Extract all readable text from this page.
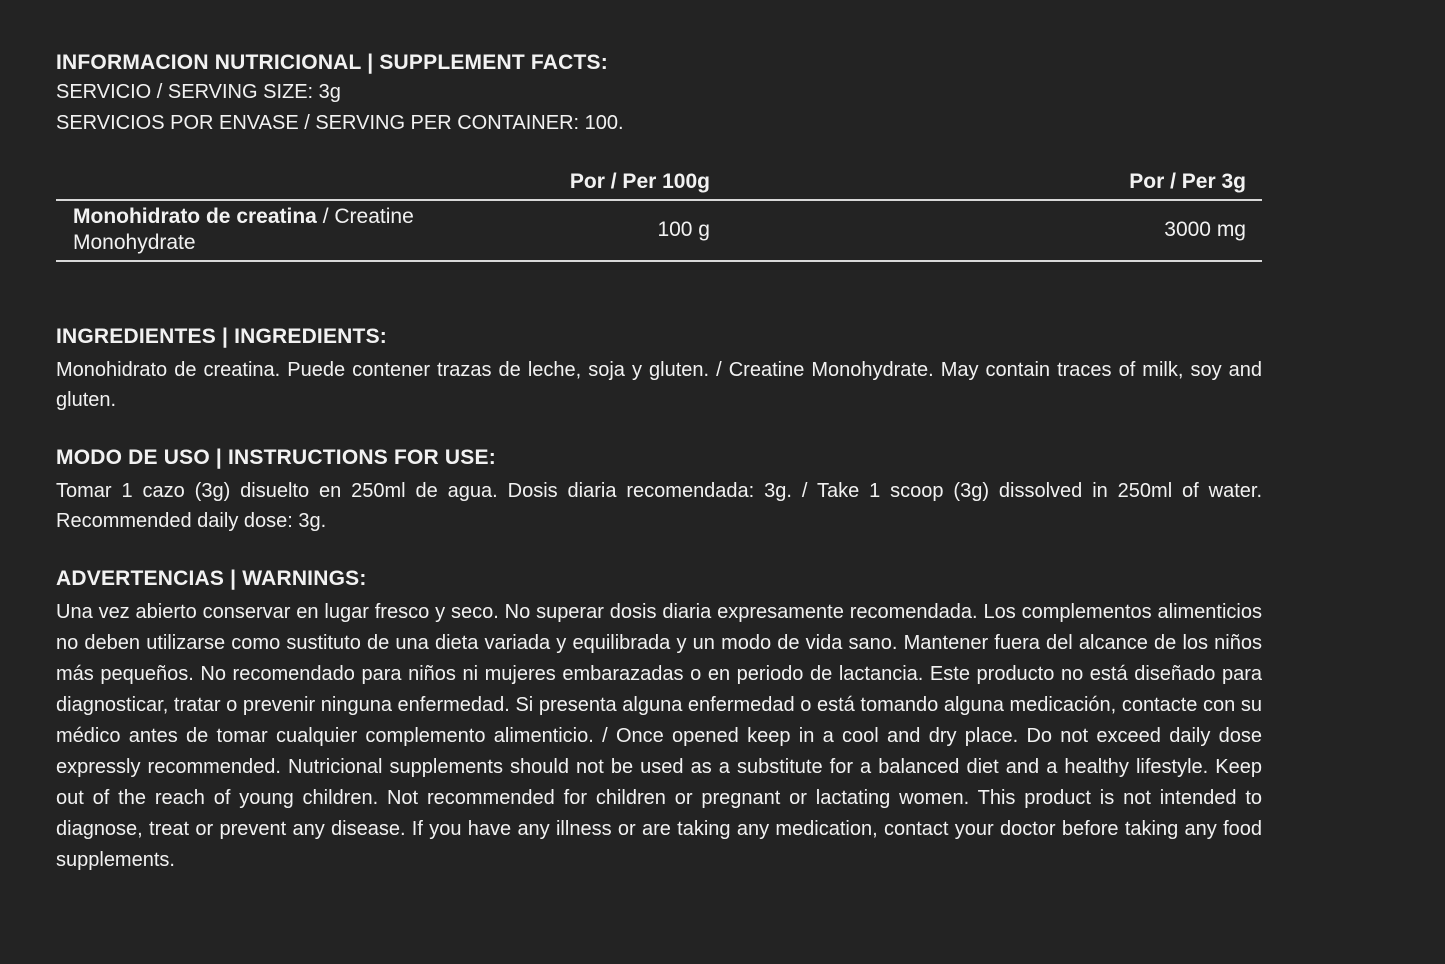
INFORMACION NUTRICIONAL | SUPPLEMENT FACTS:

SERVICIO / SERVING SIZE: 3g

SERVICIOS POR ENVASE / SERVING PER CONTAINER: 100.

	Por / Per 100g	Por / Per 3g
Monohidrato de creatina / Creatine Monohydrate	100 g	3000 mg

INGREDIENTES | INGREDIENTS:

Monohidrato de creatina. Puede contener trazas de leche, soja y gluten. / Creatine Monohydrate. May contain traces of milk, soy and gluten.

MODO DE USO | INSTRUCTIONS FOR USE:

Tomar 1 cazo (3g) disuelto en 250ml de agua. Dosis diaria recomendada: 3g. / Take 1 scoop (3g) dissolved in 250ml of water. Recommended daily dose: 3g.

ADVERTENCIAS | WARNINGS:

Una vez abierto conservar en lugar fresco y seco. No superar dosis diaria expresamente recomendada. Los complementos alimenticios no deben utilizarse como sustituto de una dieta variada y equilibrada y un modo de vida sano. Mantener fuera del alcance de los niños más pequeños. No recomendado para niños ni mujeres embarazadas o en periodo de lactancia. Este producto no está diseñado para diagnosticar, tratar o prevenir ninguna enfermedad. Si presenta alguna enfermedad o está tomando alguna medicación, contacte con su médico antes de tomar cualquier complemento alimenticio. / Once opened keep in a cool and dry place. Do not exceed daily dose expressly recommended. Nutricional supplements should not be used as a substitute for a balanced diet and a healthy lifestyle. Keep out of the reach of young children. Not recommended for children or pregnant or lactating women. This product is not intended to diagnose, treat or prevent any disease. If you have any illness or are taking any medication, contact your doctor before taking any food supplements.
